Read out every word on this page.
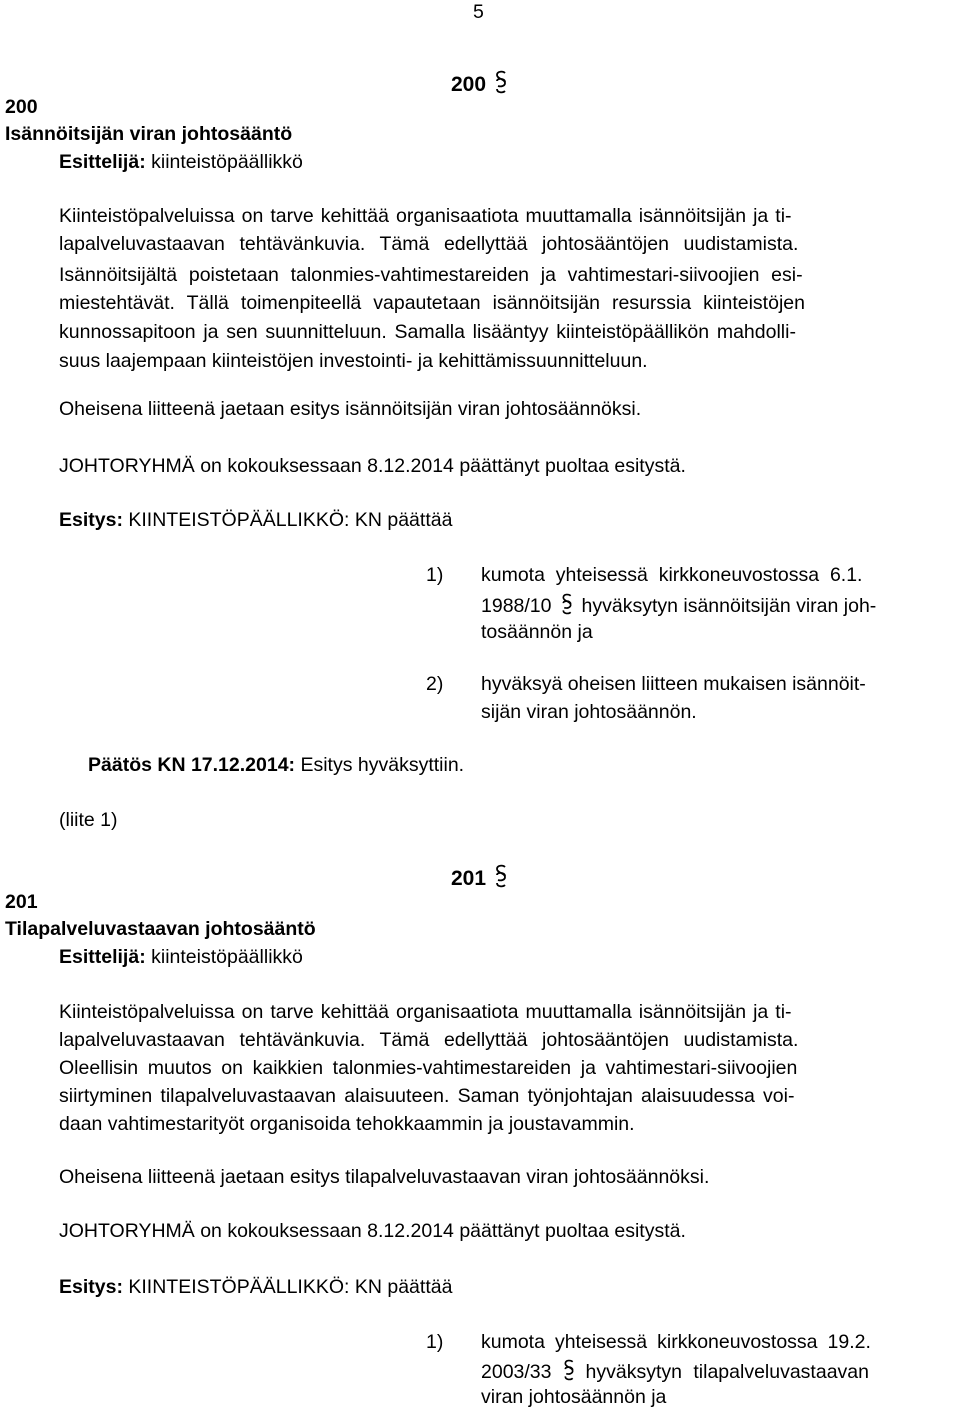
5
200
200
Isännöitsijän viran johtosääntö
Esittelijä: kiinteistöpäällikkö
Kiinteistöpalveluissa on tarve kehittää organisaatiota muuttamalla isännöitsijän ja ti-
lapalveluvastaavan tehtävänkuvia. Tämä edellyttää johtosääntöjen uudistamista.
Isännöitsijältä poistetaan talonmies-vahtimestareiden ja vahtimestari-siivoojien esi-
miestehtävät. Tällä toimenpiteellä vapautetaan isännöitsijän resurssia kiinteistöjen
kunnossapitoon ja sen suunnitteluun. Samalla lisääntyy kiinteistöpäällikön mahdolli-
suus laajempaan kiinteistöjen investointi- ja kehittämissuunnitteluun.
Oheisena liitteenä jaetaan esitys isännöitsijän viran johtosäännöksi.
JOHTORYHMÄ on kokouksessaan 8.12.2014 päättänyt puoltaa esitystä.
Esitys: KIINTEISTÖPÄÄLLIKKÖ: KN päättää
1) kumota yhteisessä kirkkoneuvostossa 6.1.
1988/10 hyväksytyn isännöitsijän viran joh-
tosäännön ja
2) hyväksyä oheisen liitteen mukaisen isännöit-
sijän viran johtosäännön.
Päätös KN 17.12.2014: Esitys hyväksyttiin.
(liite 1)
201
201
Tilapalveluvastaavan johtosääntö
Esittelijä: kiinteistöpäällikkö
Kiinteistöpalveluissa on tarve kehittää organisaatiota muuttamalla isännöitsijän ja ti-
lapalveluvastaavan tehtävänkuvia. Tämä edellyttää johtosääntöjen uudistamista.
Oleellisin muutos on kaikkien talonmies-vahtimestareiden ja vahtimestari-siivoojien
siirtyminen tilapalveluvastaavan alaisuuteen. Saman työnjohtajan alaisuudessa voi-
daan vahtimestarityöt organisoida tehokkaammin ja joustavammin.
Oheisena liitteenä jaetaan esitys tilapalveluvastaavan viran johtosäännöksi.
JOHTORYHMÄ on kokouksessaan 8.12.2014 päättänyt puoltaa esitystä.
Esitys: KIINTEISTÖPÄÄLLIKKÖ: KN päättää
1) kumota yhteisessä kirkkoneuvostossa 19.2.
2003/33 hyväksytyn tilapalveluvastaavan
viran johtosäännön ja
